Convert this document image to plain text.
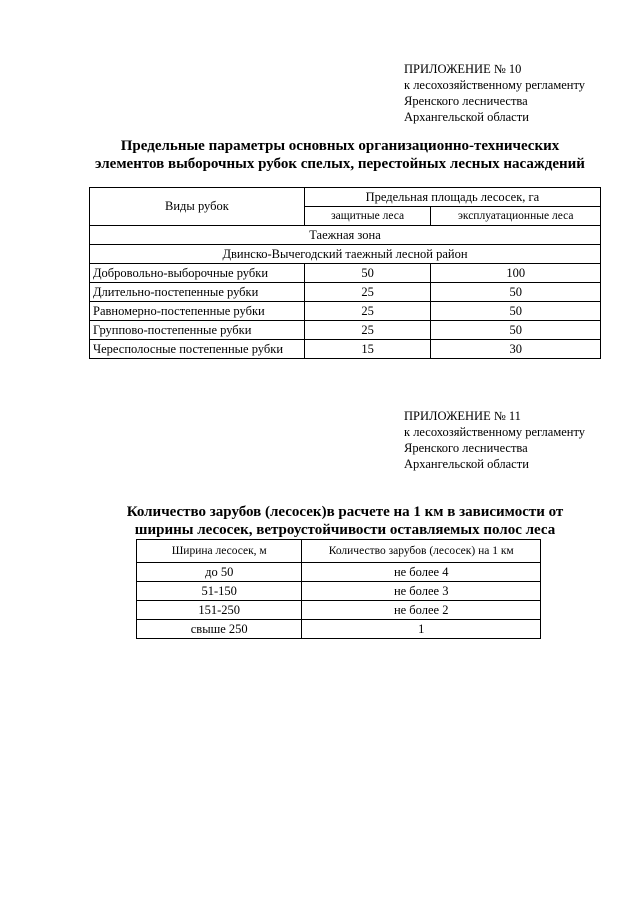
ПРИЛОЖЕНИЕ № 10
к лесохозяйственному регламенту
Яренского лесничества
Архангельской области
Предельные параметры основных организационно-технических
элементов выборочных рубок спелых, перестойных лесных насаждений
Виды рубок	Предельная площадь лесосек, га	
	защитные леса	эксплуатационные леса
Таежная зона		
Двинско-Вычегодский таежный лесной район		
Добровольно-выборочные рубки	50	100
Длительно-постепенные рубки	25	50
Равномерно-постепенные рубки	25	50
Группово-постепенные рубки	25	50
Чересполосные постепенные рубки	15	30
ПРИЛОЖЕНИЕ № 11
к лесохозяйственному регламенту
Яренского лесничества
Архангельской области
Количество зарубов (лесосек)в расчете на 1 км в зависимости от
ширины лесосек, ветроустойчивости оставляемых полос леса
Ширина лесосек, м	Количество зарубов (лесосек) на 1 км
до 50	не более 4
51-150	не более 3
151-250	не более 2
свыше 250	1
